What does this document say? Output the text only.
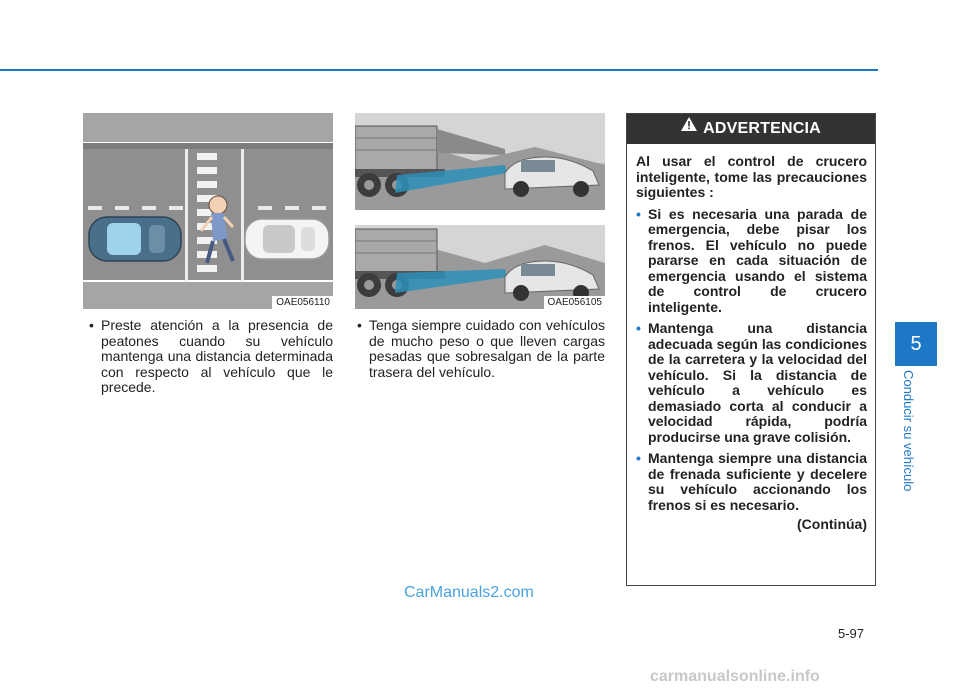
OAE056110	OAE056105
• Preste atención a la presencia de peatones cuando su vehículo mantenga una distancia determinada con respecto al vehículo que le precede.
• Tenga siempre cuidado con vehículos de mucho peso o que lleven cargas pesadas que sobresalgan de la parte trasera del vehículo.
ADVERTENCIA
Al usar el control de crucero inteligente, tome las precauciones siguientes :
• Si es necesaria una parada de emergencia, debe pisar los frenos. El vehículo no puede pararse en cada situación de emergencia usando el sistema de control de crucero inteligente.
• Mantenga una distancia adecuada según las condiciones de la carretera y la velocidad del vehículo. Si la distancia de vehículo a vehículo es demasiado corta al conducir a velocidad rápida, podría producirse una grave colisión.
• Mantenga siempre una distancia de frenada suficiente y decelere su vehículo accionando los frenos si es necesario.
(Continúa)
5
Conducir su vehículo
5-97
CarManuals2.com
carmanualsonline.info
